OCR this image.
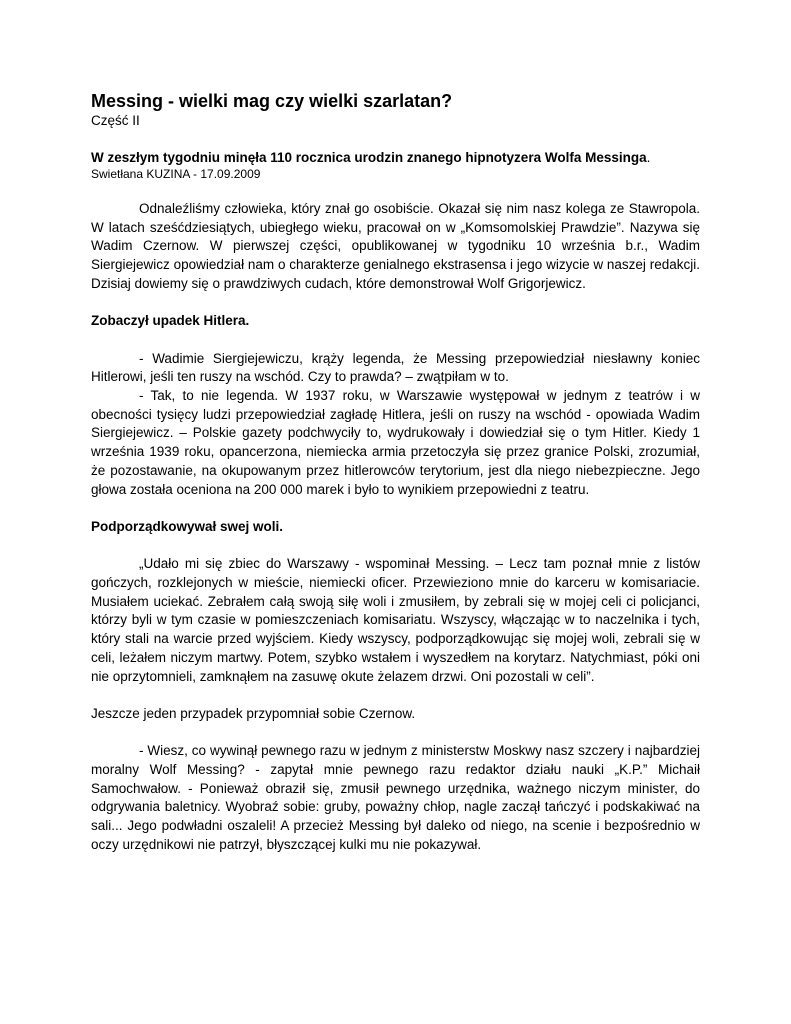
Messing - wielki mag czy wielki szarlatan?
Część II
W zeszłym tygodniu minęła 110 rocznica urodzin znanego hipnotyzera Wolfa Messinga.
Swietłana KUZINA - 17.09.2009

Odnaleźliśmy człowieka, który znał go osobiście. Okazał się nim nasz kolega ze Stawropola. W latach sześćdziesiątych, ubiegłego wieku, pracował on w „Komsomolskiej Prawdzie”. Nazywa się Wadim Czernow. W pierwszej części, opublikowanej w tygodniku 10 września b.r., Wadim Siergiejewicz opowiedział nam o charakterze genialnego ekstrasensa i jego wizycie w naszej redakcji. Dzisiaj dowiemy się o prawdziwych cudach, które demonstrował Wolf Grigorjewicz.

Zobaczył upadek Hitlera.

- Wadimie Siergiejewiczu, krąży legenda, że Messing przepowiedział niesławny koniec Hitlerowi, jeśli ten ruszy na wschód. Czy to prawda? – zwątpiłam w to.

- Tak, to nie legenda. W 1937 roku, w Warszawie występował w jednym z teatrów i w obecności tysięcy ludzi przepowiedział zagładę Hitlera, jeśli on ruszy na wschód - opowiada Wadim Siergiejewicz. – Polskie gazety podchwyciły to, wydrukowały i dowiedział się o tym Hitler. Kiedy 1 września 1939 roku, opancerzona, niemiecka armia przetoczyła się przez granice Polski, zrozumiał, że pozostawanie, na okupowanym przez hitlerowców terytorium, jest dla niego niebezpieczne. Jego głowa została oceniona na 200 000 marek i było to wynikiem przepowiedni z teatru.

Podporządkowywał swej woli.

„Udało mi się zbiec do Warszawy - wspominał Messing. – Lecz tam poznał mnie z listów gończych, rozklejonych w mieście, niemiecki oficer. Przewieziono mnie do karceru w komisariacie. Musiałem uciekać. Zebrałem całą swoją siłę woli i zmusiłem, by zebrali się w mojej celi ci policjanci, którzy byli w tym czasie w pomieszczeniach komisariatu. Wszyscy, włączając w to naczelnika i tych, który stali na warcie przed wyjściem. Kiedy wszyscy, podporządkowując się mojej woli, zebrali się w celi, leżałem niczym martwy. Potem, szybko wstałem i wyszedłem na korytarz. Natychmiast, póki oni nie oprzytomnieli, zamknąłem na zasuwę okute żelazem drzwi. Oni pozostali w celi”.

Jeszcze jeden przypadek przypomniał sobie Czernow.

- Wiesz, co wywinął pewnego razu w jednym z ministerstw Moskwy nasz szczery i najbardziej moralny Wolf Messing? - zapytał mnie pewnego razu redaktor działu nauki „K.P.” Michaił Samochwałow. - Ponieważ obraził się, zmusił pewnego urzędnika, ważnego niczym minister, do odgrywania baletnicy. Wyobraź sobie: gruby, poważny chłop, nagle zaczął tańczyć i podskakiwać na sali... Jego podwładni oszaleli! A przecież Messing był daleko od niego, na scenie i bezpośrednio w oczy urzędnikowi nie patrzył, błyszczącej kulki mu nie pokazywał.
